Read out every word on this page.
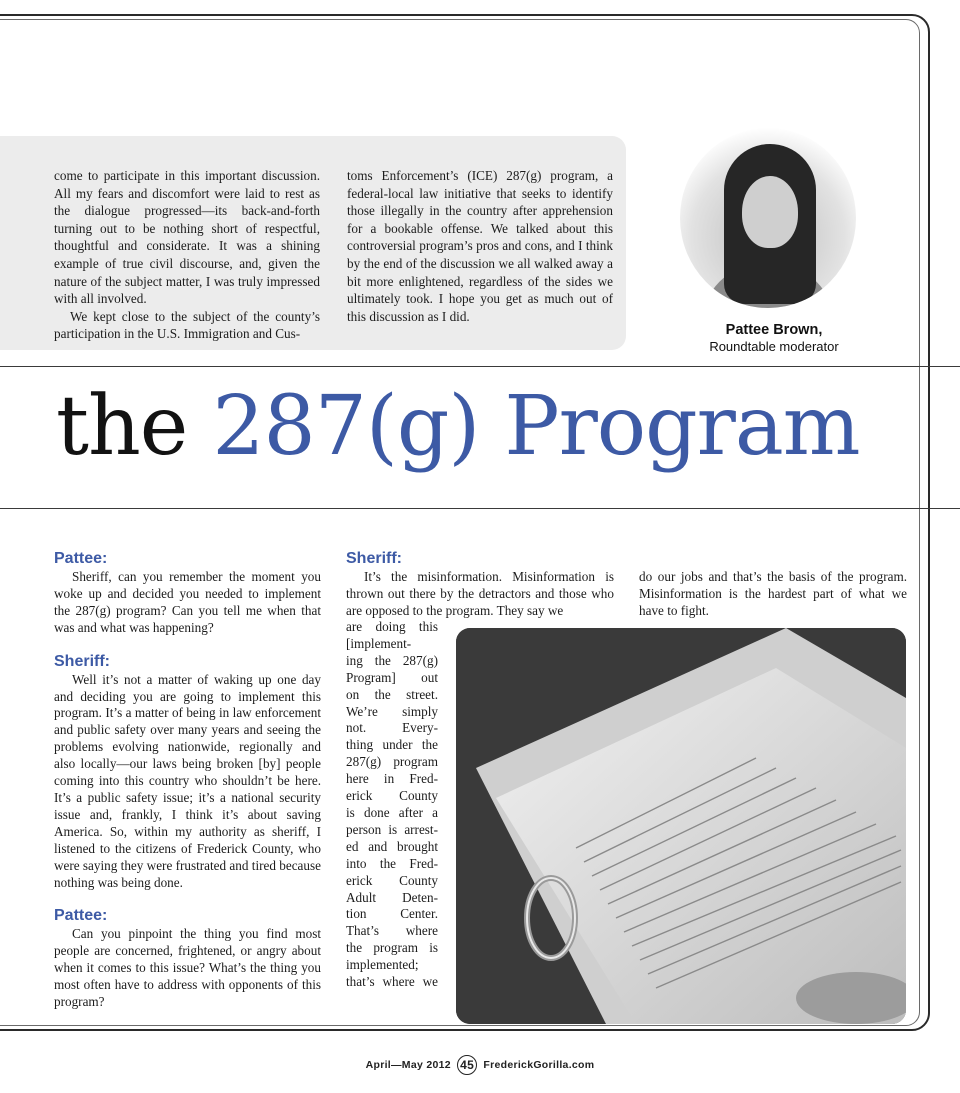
come to participate in this important discussion. All my fears and discomfort were laid to rest as the dialogue progressed—its back-and-forth turning out to be nothing short of respectful, thoughtful and considerate. It was a shining example of true civil discourse, and, given the nature of the subject matter, I was truly impressed with all involved.

We kept close to the subject of the county’s participation in the U.S. Immigration and Cus-

toms Enforcement’s (ICE) 287(g) program, a federal-local law initiative that seeks to identify those illegally in the country after apprehension for a bookable offense. We talked about this controversial program’s pros and cons, and I think by the end of the discussion we all walked away a bit more enlightened, regardless of the sides we ultimately took. I hope you get as much out of this discussion as I did.

Pattee Brown,
Roundtable moderator
the 287(g) Program

Pattee:

Sheriff, can you remember the moment you woke up and decided you needed to implement the 287(g) program? Can you tell me when that was and what was happening?

Sheriff:

Well it’s not a matter of waking up one day and deciding you are going to implement this program. It’s a matter of being in law enforcement and public safety over many years and seeing the problems evolving nationwide, regionally and also locally—our laws being broken [by] people coming into this country who shouldn’t be here. It’s a public safety issue; it’s a national security issue and, frankly, I think it’s about saving America. So, within my authority as sheriff, I listened to the citizens of Frederick County, who were saying they were frustrated and tired because nothing was being done.

Pattee:

Can you pinpoint the thing you find most people are concerned, frightened, or angry about when it comes to this issue? What’s the thing you most often have to address with opponents of this program?

Sheriff:

It’s the misinformation. Misinformation is thrown out there by the detractors and those who are opposed to the program. They say we

are doing this
[implement-
ing the 287(g)
Program] out
on the street.
We’re simply
not. Every-
thing under the
287(g) program
here in Fred-
erick County
is done after a
person is arrest-
ed and brought
into the Fred-
erick County
Adult Deten-
tion Center.
That’s where
the program is
implemented;
that’s where we

do our jobs and that’s the basis of the program. Misinformation is the hardest part of what we have to fight.

April—May 2012 45 FrederickGorilla.com
